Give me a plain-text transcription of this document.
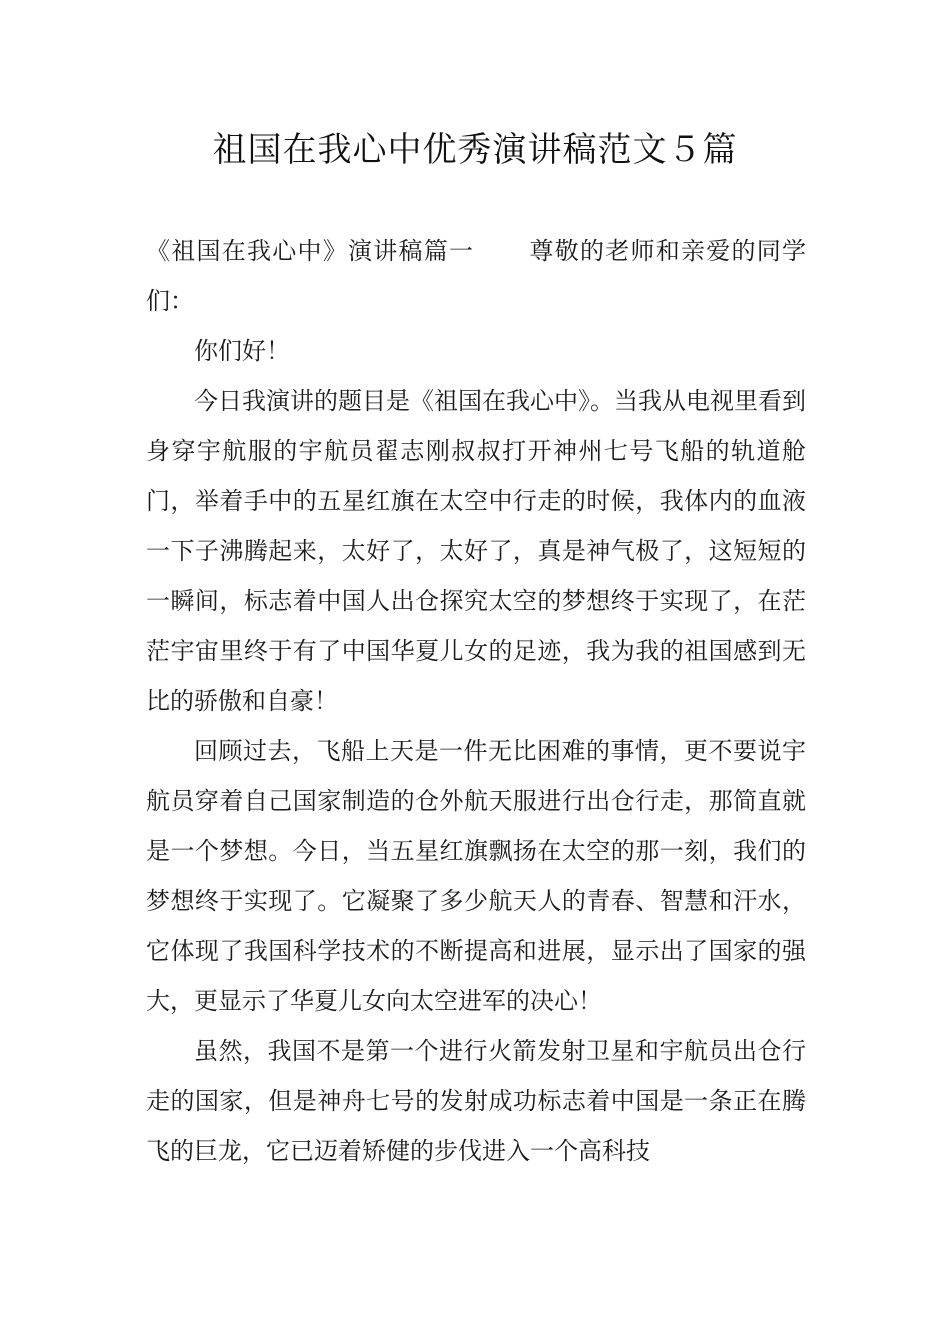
祖国在我心中优秀演讲稿范文５篇

《祖国在我心中》演讲稿篇一 尊敬的老师和亲爱的同学们：

你们好！

今日我演讲的题目是《祖国在我心中》。当我从电视里看到身穿宇航服的宇航员翟志刚叔叔打开神州七号飞船的轨道舱门，举着手中的五星红旗在太空中行走的时候，我体内的血液一下子沸腾起来，太好了，太好了，真是神气极了，这短短的一瞬间，标志着中国人出仓探究太空的梦想终于实现了，在茫茫宇宙里终于有了中国华夏儿女的足迹，我为我的祖国感到无比的骄傲和自豪！

回顾过去，飞船上天是一件无比困难的事情，更不要说宇航员穿着自己国家制造的仓外航天服进行出仓行走，那简直就是一个梦想。今日，当五星红旗飘扬在太空的那一刻，我们的梦想终于实现了。它凝聚了多少航天人的青春、智慧和汗水，它体现了我国科学技术的不断提高和进展，显示出了国家的强大，更显示了华夏儿女向太空进军的决心！

虽然，我国不是第一个进行火箭发射卫星和宇航员出仓行走的国家，但是神舟七号的发射成功标志着中国是一条正在腾飞的巨龙，它已迈着矫健的步伐进入一个高科技
